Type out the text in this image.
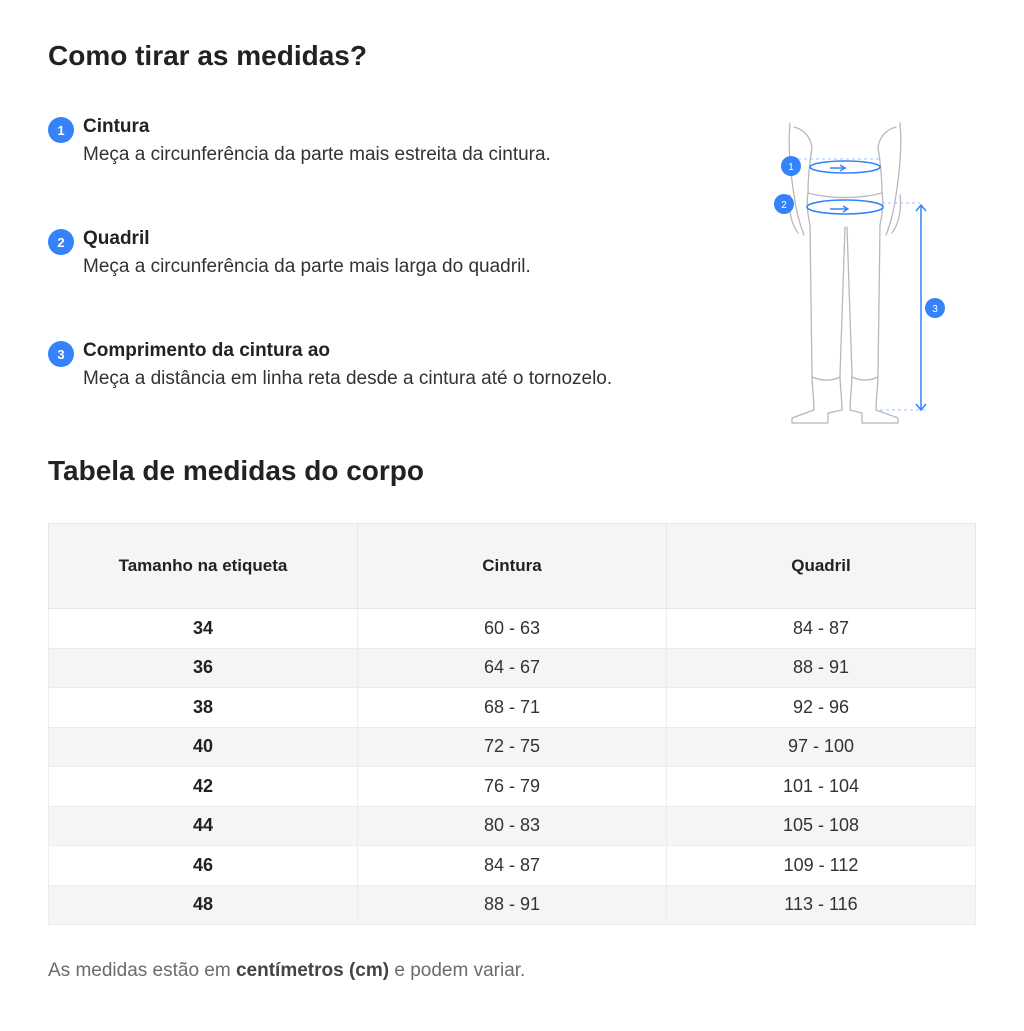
Como tirar as medidas?
1 Cintura
Meça a circunferência da parte mais estreita da cintura.
2 Quadril
Meça a circunferência da parte mais larga do quadril.
3 Comprimento da cintura ao
Meça a distância em linha reta desde a cintura até o tornozelo.
1
2
3
Tabela de medidas do corpo
Tamanho na etiqueta	Cintura	Quadril
34	60 - 63	84 - 87
36	64 - 67	88 - 91
38	68 - 71	92 - 96
40	72 - 75	97 - 100
42	76 - 79	101 - 104
44	80 - 83	105 - 108
46	84 - 87	109 - 112
48	88 - 91	113 - 116
As medidas estão em centímetros (cm) e podem variar.
